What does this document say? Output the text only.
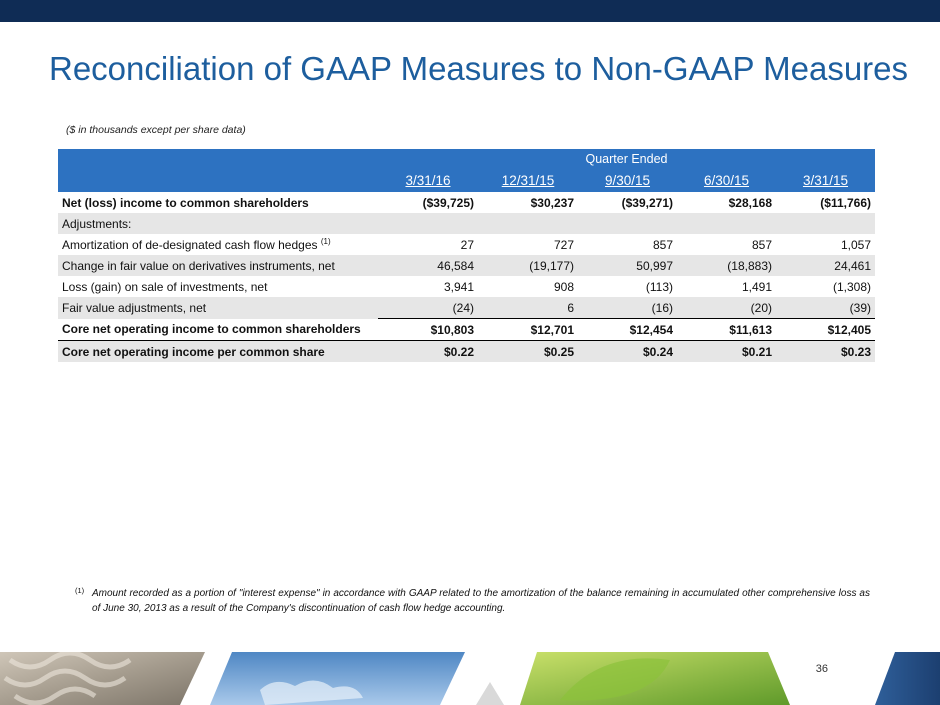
Reconciliation of GAAP Measures to Non-GAAP Measures
($ in thousands except per share data)
	Quarter Ended				
	3/31/16	12/31/15	9/30/15	6/30/15	3/31/15
Net (loss) income to common shareholders	($39,725)	$30,237	($39,271)	$28,168	($11,766)
Adjustments:					
Amortization of de-designated cash flow hedges $^{(1)}$	27	727	857	857	1,057
Change in fair value on derivatives instruments, net	46,584	(19,177)	50,997	(18,883)	24,461
Loss (gain) on sale of investments, net	3,941	908	(113)	1,491	(1,308)
Fair value adjustments, net	(24)	6	(16)	(20)	(39)
Core net operating income to common shareholders	$10,803	$12,701	$12,454	$11,613	$12,405
Core net operating income per common share	$0.22	$0.25	$0.24	$0.21	$0.23
(1) Amount recorded as a portion of "interest expense" in accordance with GAAP related to the amortization of the balance remaining in accumulated other comprehensive loss as of June 30, 2013 as a result of the Company's discontinuation of cash flow hedge accounting.
36
